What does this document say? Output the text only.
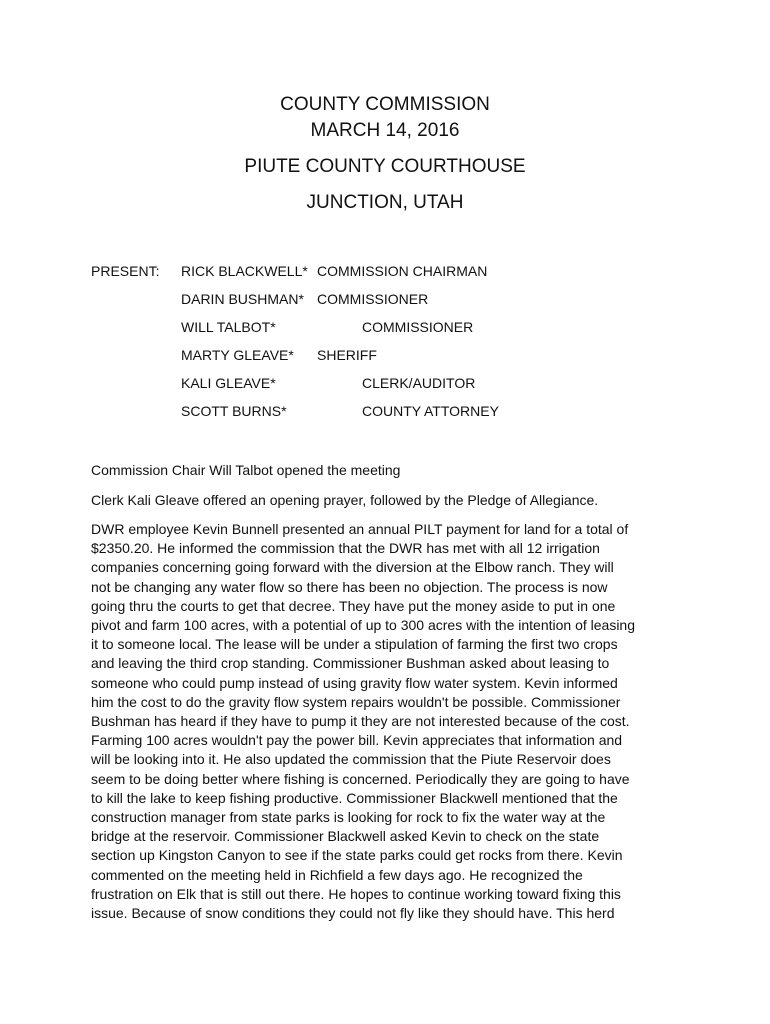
COUNTY COMMISSION
MARCH 14, 2016
PIUTE COUNTY COURTHOUSE
JUNCTION, UTAH
PRESENT: RICK BLACKWELL* COMMISSION CHAIRMAN
DARIN BUSHMAN* COMMISSIONER
WILL TALBOT*	COMMISSIONER
MARTY GLEAVE* SHERIFF
KALI GLEAVE*	CLERK/AUDITOR
SCOTT BURNS*	COUNTY ATTORNEY
Commission Chair Will Talbot opened the meeting
Clerk Kali Gleave offered an opening prayer, followed by the Pledge of Allegiance.
DWR employee Kevin Bunnell presented an annual PILT payment for land for a total of
$2350.20. He informed the commission that the DWR has met with all 12 irrigation
companies concerning going forward with the diversion at the Elbow ranch. They will
not be changing any water flow so there has been no objection. The process is now
going thru the courts to get that decree. They have put the money aside to put in one
pivot and farm 100 acres, with a potential of up to 300 acres with the intention of leasing
it to someone local. The lease will be under a stipulation of farming the first two crops
and leaving the third crop standing. Commissioner Bushman asked about leasing to
someone who could pump instead of using gravity flow water system. Kevin informed
him the cost to do the gravity flow system repairs wouldn't be possible. Commissioner
Bushman has heard if they have to pump it they are not interested because of the cost.
Farming 100 acres wouldn't pay the power bill. Kevin appreciates that information and
will be looking into it. He also updated the commission that the Piute Reservoir does
seem to be doing better where fishing is concerned. Periodically they are going to have
to kill the lake to keep fishing productive. Commissioner Blackwell mentioned that the
construction manager from state parks is looking for rock to fix the water way at the
bridge at the reservoir. Commissioner Blackwell asked Kevin to check on the state
section up Kingston Canyon to see if the state parks could get rocks from there. Kevin
commented on the meeting held in Richfield a few days ago. He recognized the
frustration on Elk that is still out there. He hopes to continue working toward fixing this
issue. Because of snow conditions they could not fly like they should have. This herd
